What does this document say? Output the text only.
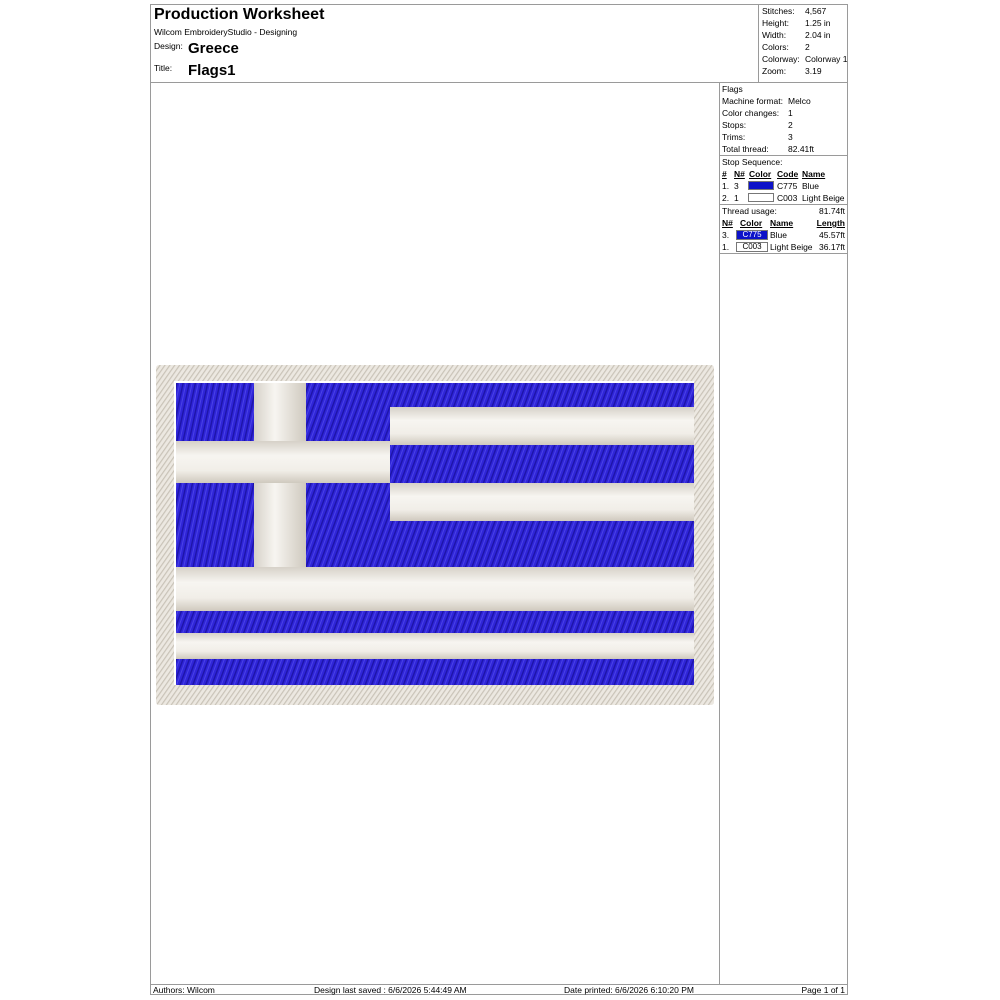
Production Worksheet
Wilcom EmbroideryStudio - Designing
Design: Greece
Title: Flags1
Stitches: 4,567
Height: 1.25 in
Width: 2.04 in
Colors: 2
Colorway: Colorway 1
Zoom: 3.19
Flags
Machine format: Melco
Color changes: 1
Stops:	2
Trims:	3
Total thread: 82.41ft
Stop Sequence:
# N# Color Code Name
1. 3	C775 Blue
2. 1	C003 Light Beige
Thread usage:	81.74ft
N# Color Name	Length
3.	C775 Blue	45.57ft
1.	C003 Light Beige 36.17ft
Authors: Wilcom	Design last saved : 6/6/2026 5:44:49 AM	Date printed: 6/6/2026 6:10:20 PM	Page 1 of 1
